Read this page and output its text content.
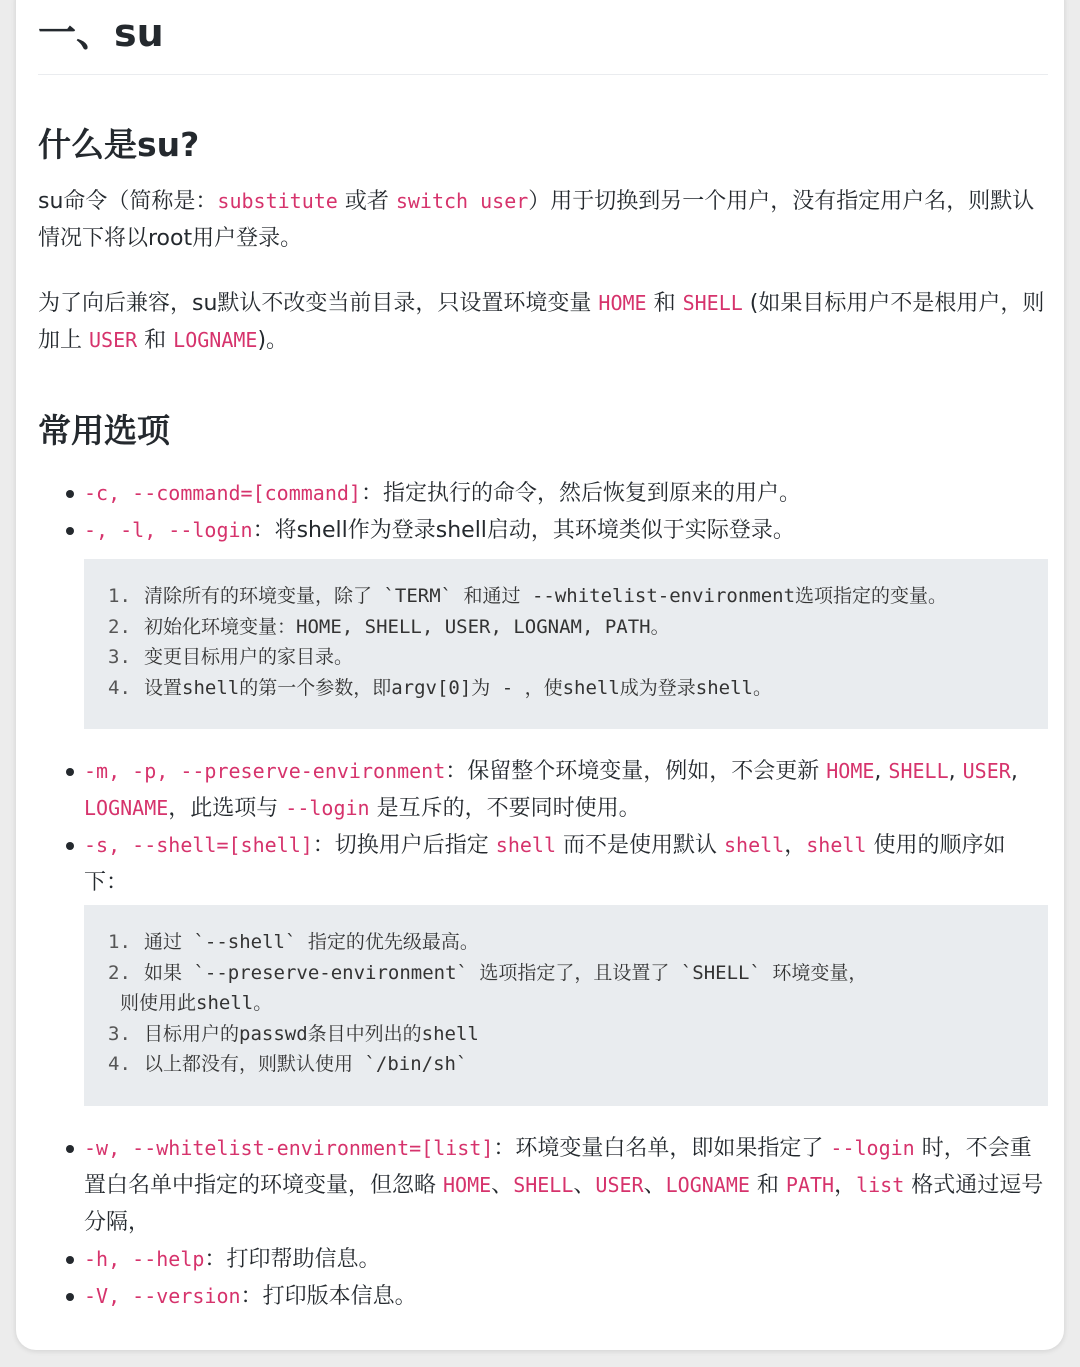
一、su
什么是su?

su命令（简称是：substitute 或者 switch user）用于切换到另一个用户，没有指定用户名，则默认情况下将以root用户登录。

为了向后兼容，su默认不改变当前目录，只设置环境变量 HOME 和 SHELL (如果目标用户不是根用户，则加上 USER 和 LOGNAME)。

常用选项
-c, --command=[command]：指定执行的命令，然后恢复到原来的用户。
-, -l, --login：将shell作为登录shell启动，其环境类似于实际登录。
1. 清除所有的环境变量，除了 `TERM` 和通过 --whitelist-environment选项指定的变量。
2. 初始化环境变量：HOME, SHELL, USER, LOGNAM, PATH。
3. 变更目标用户的家目录。
4. 设置shell的第一个参数，即argv[0]为 - ，使shell成为登录shell。
-m, -p, --preserve-environment：保留整个环境变量，例如，不会更新 HOME, SHELL, USER, LOGNAME，此选项与 --login 是互斥的，不要同时使用。
-s, --shell=[shell]：切换用户后指定 shell 而不是使用默认 shell，shell 使用的顺序如下：
1. 通过 `--shell` 指定的优先级最高。
2. 如果 `--preserve-environment` 选项指定了，且设置了 `SHELL` 环境变量，
则使用此shell。
3. 目标用户的passwd条目中列出的shell
4. 以上都没有，则默认使用 `/bin/sh`
-w, --whitelist-environment=[list]：环境变量白名单，即如果指定了 --login 时，不会重置白名单中指定的环境变量，但忽略 HOME、SHELL、USER、LOGNAME 和 PATH，list 格式通过逗号分隔，
-h, --help：打印帮助信息。
-V, --version：打印版本信息。
